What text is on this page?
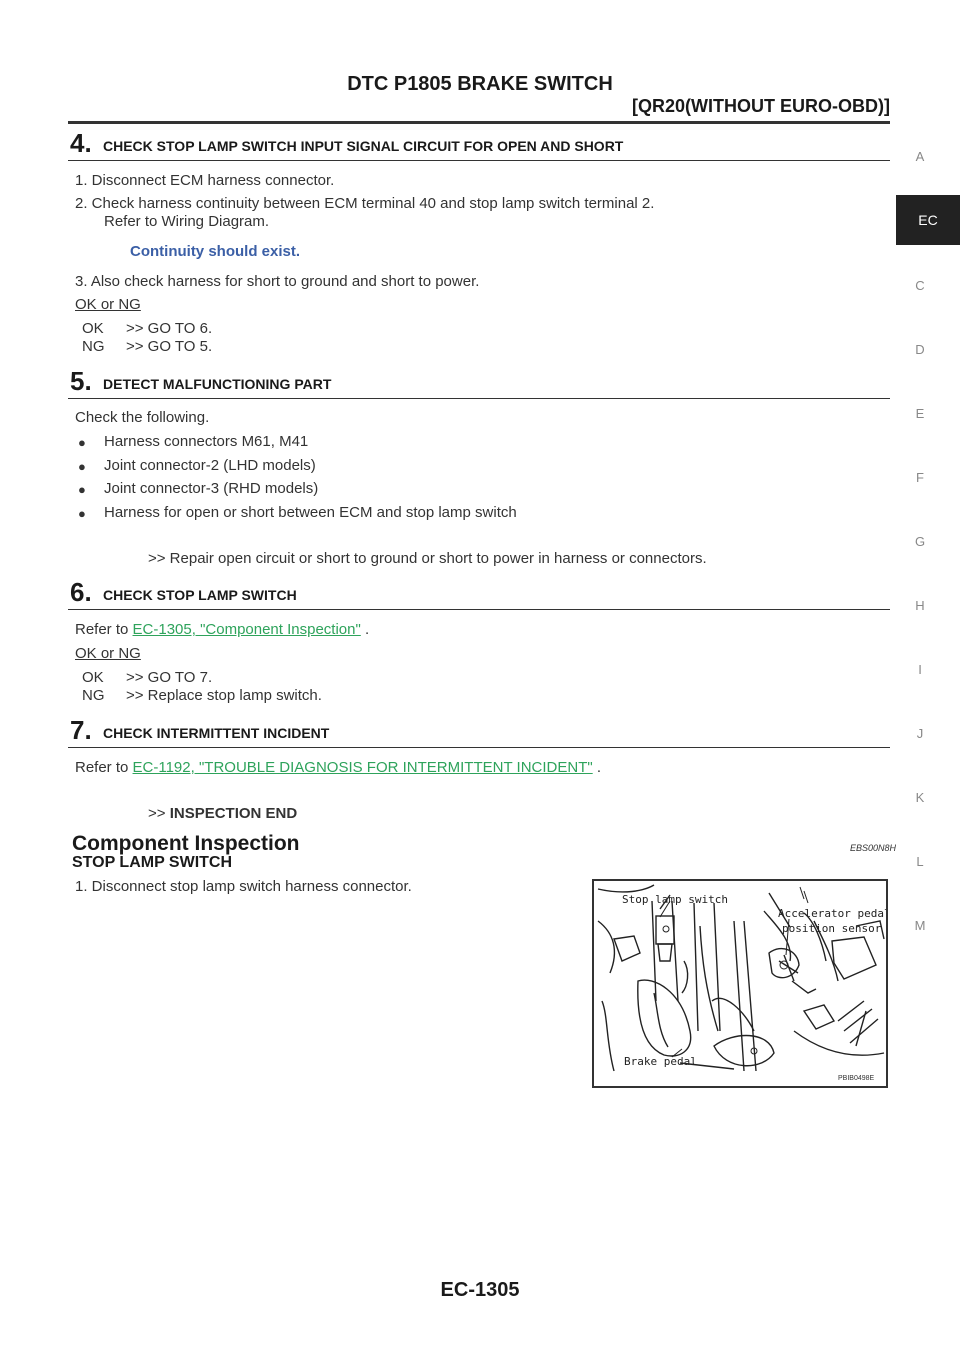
DTC P1805 BRAKE SWITCH
[QR20(WITHOUT EURO-OBD)]
A
EC
C
D
E
F
G
H
I
J
K
L
M
4. CHECK STOP LAMP SWITCH INPUT SIGNAL CIRCUIT FOR OPEN AND SHORT
1. Disconnect ECM harness connector.
2. Check harness continuity between ECM terminal 40 and stop lamp switch terminal 2.
Refer to Wiring Diagram.
Continuity should exist.
3. Also check harness for short to ground and short to power.
OK or NG
OK >> GO TO 6.
NG >> GO TO 5.
5. DETECT MALFUNCTIONING PART
Check the following.
● Harness connectors M61, M41
● Joint connector-2 (LHD models)
● Joint connector-3 (RHD models)
● Harness for open or short between ECM and stop lamp switch
>> Repair open circuit or short to ground or short to power in harness or connectors.
6. CHECK STOP LAMP SWITCH
Refer to EC-1305, "Component Inspection" .
OK or NG
OK >> GO TO 7.
NG >> Replace stop lamp switch.
7. CHECK INTERMITTENT INCIDENT
Refer to EC-1192, "TROUBLE DIAGNOSIS FOR INTERMITTENT INCIDENT" .
>> INSPECTION END
Component Inspection	EBS00N8H
STOP LAMP SWITCH
1. Disconnect stop lamp switch harness connector.
Stop lamp switch
Accelerator pedal
position sensor
Brake pedal
PBIB0498E
EC-1305
